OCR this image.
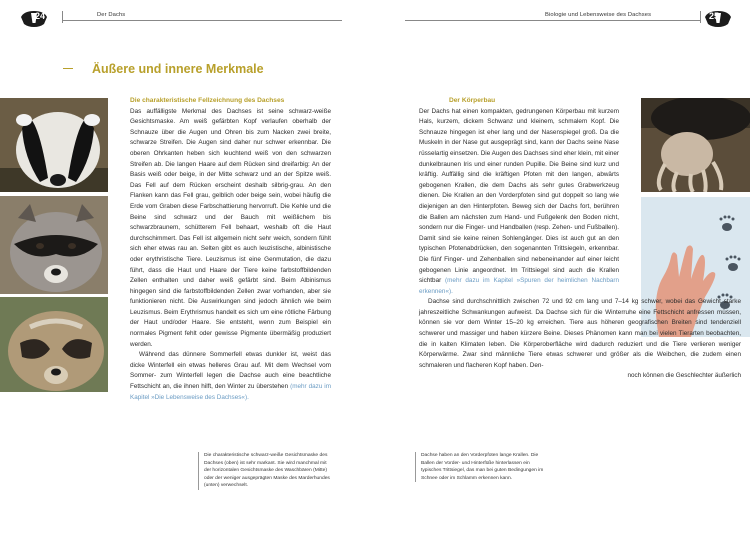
24	Der Dachs
Äußere und innere Merkmale

Die charakteristische Fellzeichnung des Dachses

Das auffälligste Merkmal des Dachses ist seine schwarz-weiße Gesichtsmaske. Am weiß gefärbten Kopf verlaufen oberhalb der Schnauze über die Augen und Ohren bis zum Nacken zwei breite, schwarze Streifen. Die Augen sind daher nur schwer erkennbar. Die oberen Ohrkanten heben sich leuchtend weiß von den schwarzen Streifen ab. Die langen Haare auf dem Rücken sind dreifarbig: An der Basis weiß oder beige, in der Mitte schwarz und an der Spitze weiß. Das Fell auf dem Rücken erscheint deshalb silbrig-grau. An den Flanken kann das Fell grau, gelblich oder beige sein, wobei häufig die Erde vom Graben diese Farbschattierung hervorruft. Die Kehle und die Beine sind schwarz und der Bauch mit weißlichem bis schwarzbraunem, schütterem Fell behaart, weshalb oft die Haut durchschimmert. Das Fell ist allgemein nicht sehr weich, sondern fühlt sich eher etwas rau an. Selten gibt es auch leuzistische, albinistische oder erythristische Tiere. Leuzismus ist eine Genmutation, die dazu führt, dass die Haut und Haare der Tiere keine farbstoffbildenden Zellen enthalten und daher weiß gefärbt sind. Beim Albinismus hingegen sind die farbstoffbildenden Zellen zwar vorhanden, aber sie funktionieren nicht. Die Auswirkungen sind jedoch ähnlich wie beim Leuzismus. Beim Erythrismus handelt es sich um eine rötliche Färbung der Haut und/oder Haare. Sie entsteht, wenn zum Beispiel ein normales Pigment fehlt oder gewisse Pigmente übermäßig produziert werden.

Während das dünnere Sommerfell etwas dunkler ist, weist das dicke Winterfell ein etwas helleres Grau auf. Mit dem Wechsel vom Sommer- zum Winterfell legen die Dachse auch eine beachtliche Fettschicht an, die ihnen hilft, den Winter zu überstehen (mehr dazu im Kapitel »Die Lebensweise des Dachses«).

Die charakteristische schwarz-weiße Gesichtsmaske des Dachses (oben) ist sehr markant. Sie wird manchmal mit der horizontalen Gesichtsmaske des Waschbären (Mitte) oder der weniger ausgeprägten Maske des Marderhundes (unten) verwechselt.
Biologie und Lebensweise des Dachses	25

Der Körperbau

Der Dachs hat einen kompakten, gedrungenen Körperbau mit kurzem Hals, kurzem, dickem Schwanz und kleinem, schmalem Kopf. Die Schnauze hingegen ist eher lang und der Nasenspiegel groß. Da die Muskeln in der Nase gut ausgeprägt sind, kann der Dachs seine Nase rüsselartig einsetzen. Die Augen des Dachses sind eher klein, mit einer dunkelbraunen Iris und einer runden Pupille. Die Beine sind kurz und kräftig. Auffällig sind die kräftigen Pfoten mit den langen, abwärts gebogenen Krallen, die dem Dachs als sehr gutes Grabwerkzeug dienen. Die Krallen an den Vorderpfoten sind gut doppelt so lang wie diejenigen an den Hinterpfoten. Beweg sich der Dachs fort, berühren die Ballen am nächsten zum Hand- und Fußgelenk den Boden nicht, sondern nur die Finger- und Handballen (resp. Zehen- und Fußballen). Damit sind sie keine reinen Sohlengänger. Dies ist auch gut an den typischen Pfotenabdrücken, den sogenannten Trittsiegeln, erkennbar. Die fünf Finger- und Zehenballen sind nebeneinander auf einer leicht gebogenen Linie angeordnet. Im Trittsiegel sind auch die Krallen sichtbar (mehr dazu im Kapitel »Spuren der heimlichen Nachbarn erkennen«).

Dachse sind durchschnittlich zwischen 72 und 92 cm lang und 7–14 kg schwer, wobei das Gewicht starke jahreszeitliche Schwankungen aufweist. Da Dachse sich für die Winterruhe eine Fettschicht anfressen müssen, können sie vor dem Winter 15–20 kg erreichen. Tiere aus höheren geografischen Breiten sind tendenziell schwerer und massiger und haben kürzere Beine. Dieses Phänomen kann man bei vielen Tierarten beobachten, die in kalten Klimaten leben. Die Körperoberfläche wird dadurch reduziert und die Tiere verlieren weniger Körperwärme. Zwar sind männliche Tiere etwas schwerer und größer als die Weibchen, die zudem einen schmaleren und flacheren Kopf haben. Den-

noch können die Geschlechter äußerlich

Dachse haben an den Vorderpfoten lange Krallen. Die Ballen der Vorder- und Hinterfüße hinterlassen ein typisches Trittsiegel, das man bei guten Bedingungen im Schnee oder im Schlamm erkennen kann.
